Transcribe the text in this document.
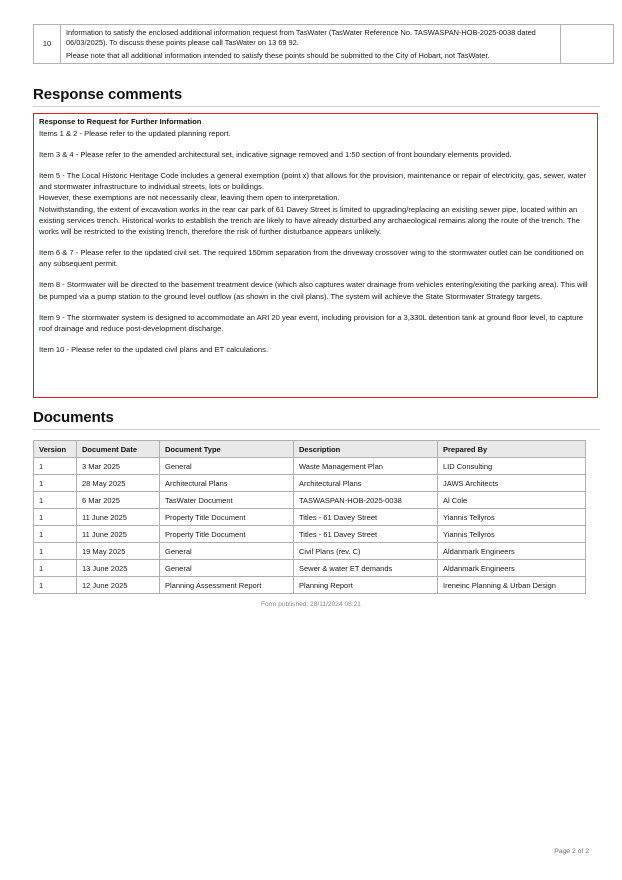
10	

Information to satisfy the enclosed additional information request from TasWater (TasWater Reference No. TASWASPAN-HOB-2025-0038 dated 06/03/2025). To discuss these points please call TasWater on 13 69 92.

Please note that all additional information intended to satisfy these points should be submitted to the City of Hobart, not TasWater.

Response comments

Response to Request for Further Information

Items 1 & 2 - Please refer to the updated planning report.

Item 3 & 4 - Please refer to the amended architectural set, indicative signage removed and 1:50 section of front boundary elements provided.

Item 5 - The Local Historic Heritage Code includes a general exemption (point x) that allows for the provision, maintenance or repair of electricity, gas, sewer, water and stormwater infrastructure to individual streets, lots or buildings.

However, these exemptions are not necessarily clear, leaving them open to interpretation.

Notwithstanding, the extent of excavation works in the rear car park of 61 Davey Street is limited to upgrading/replacing an existing sewer pipe, located within an existing services trench. Historical works to establish the trench are likely to have already disturbed any archaeological remains along the route of the trench. The works will be restricted to the existing trench, therefore the risk of further disturbance appears unlikely.

Item 6 & 7 - Please refer to the updated civil set. The required 150mm separation from the driveway crossover wing to the stormwater outlet can be conditioned on any subsequent permit.

Item 8 - Stormwater will be directed to the basement treatment device (which also captures water drainage from vehicles entering/exiting the parking area). This will be pumped via a pump station to the ground level outflow (as shown in the civil plans). The system will achieve the State Stormwater Strategy targets.

Item 9 - The stormwater system is designed to accommodate an ARI 20 year event, including provision for a 3,330L detention tank at ground floor level, to capture roof drainage and reduce post-development discharge.

Item 10 - Please refer to the updated civil plans and ET calculations.

Documents
Version	Document Date	Document Type	Description	Prepared By
1	3 Mar 2025	General	Waste Management Plan	LID Consulting
1	28 May 2025	Architectural Plans	Architectural Plans	JAWS Architects
1	6 Mar 2025	TasWater Document	TASWASPAN-HOB-2025-0038	Al Cole
1	11 June 2025	Property Title Document	Titles - 61 Davey Street	Yiannis Tellyros
1	11 June 2025	Property Title Document	Titles - 61 Davey Street	Yiannis Tellyros
1	19 May 2025	General	Civil Plans (rev. C)	Aldanmark Engineers
1	13 June 2025	General	Sewer & water ET demands	Aldanmark Engineers
1	12 June 2025	Planning Assessment Report	Planning Report	Ireneinc Planning & Urban Design
Form published: 28/11/2024 08:21
Page 2 of 2
